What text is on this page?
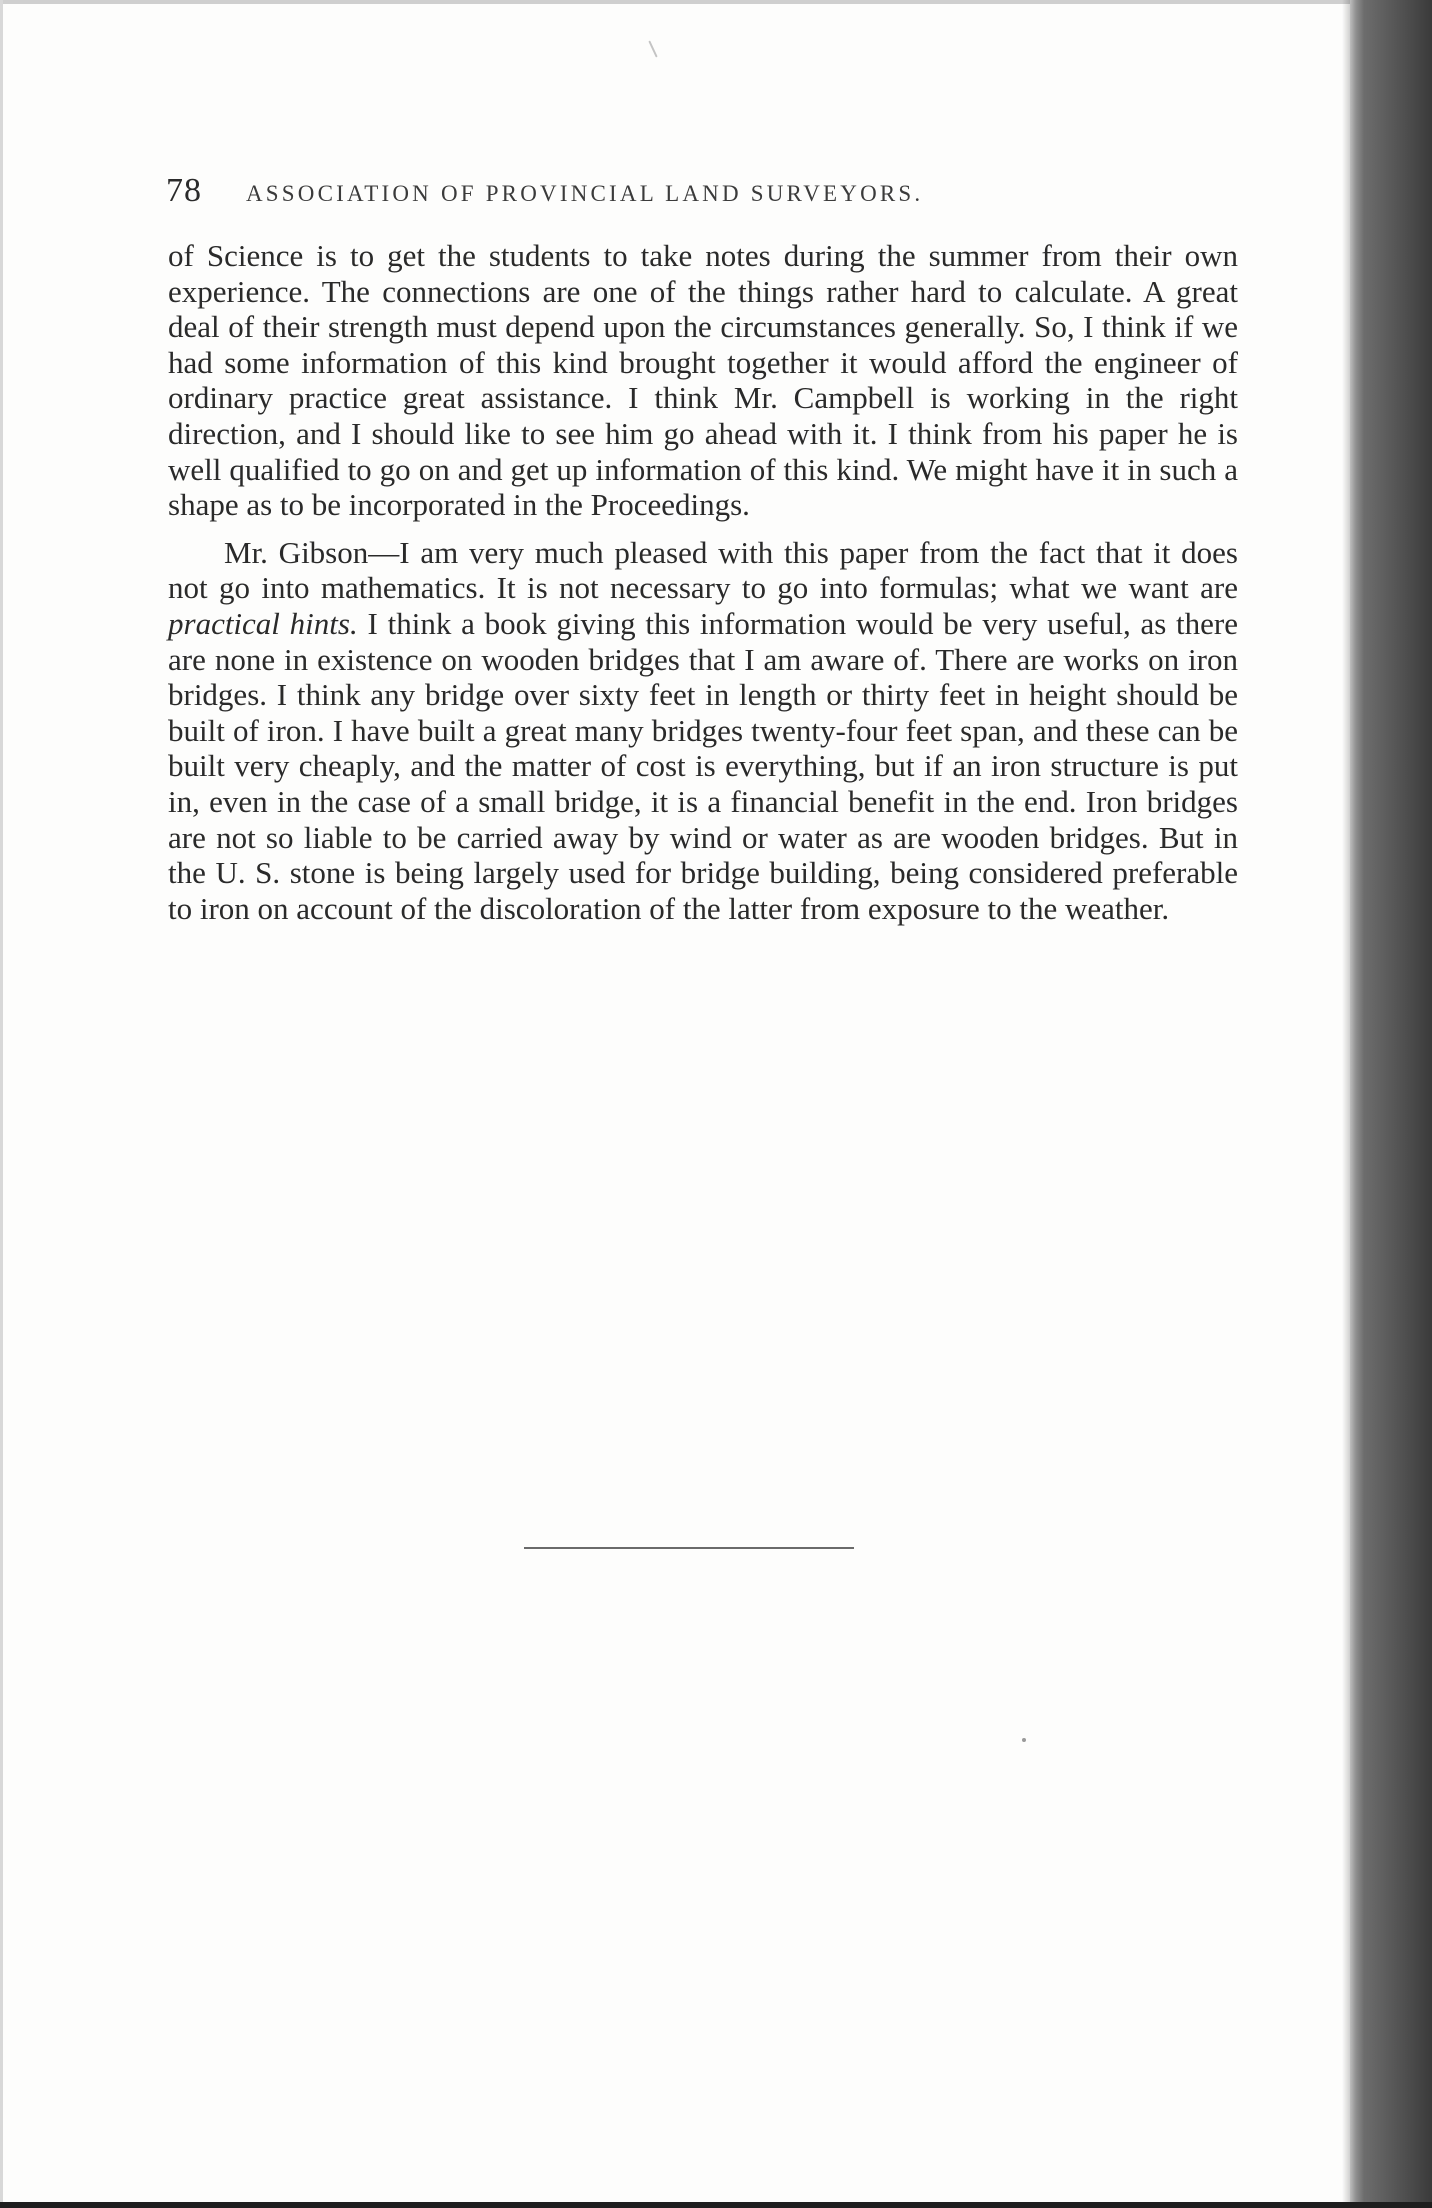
78 ASSOCIATION OF PROVINCIAL LAND SURVEYORS.

of Science is to get the students to take notes during the summer from their own experience. The connections are one of the things rather hard to calculate. A great deal of their strength must depend upon the circumstances generally. So, I think if we had some information of this kind brought together it would afford the engineer of ordinary practice great assistance. I think Mr. Campbell is working in the right direction, and I should like to see him go ahead with it. I think from his paper he is well qualified to go on and get up information of this kind. We might have it in such a shape as to be incorporated in the Proceedings.

Mr. Gibson—I am very much pleased with this paper from the fact that it does not go into mathematics. It is not necessary to go into formulas; what we want are practical hints. I think a book giving this information would be very useful, as there are none in existence on wooden bridges that I am aware of. There are works on iron bridges. I think any bridge over sixty feet in length or thirty feet in height should be built of iron. I have built a great many bridges twenty-four feet span, and these can be built very cheaply, and the matter of cost is everything, but if an iron structure is put in, even in the case of a small bridge, it is a financial benefit in the end. Iron bridges are not so liable to be carried away by wind or water as are wooden bridges. But in the U. S. stone is being largely used for bridge building, being considered preferable to iron on account of the discoloration of the latter from exposure to the weather.
